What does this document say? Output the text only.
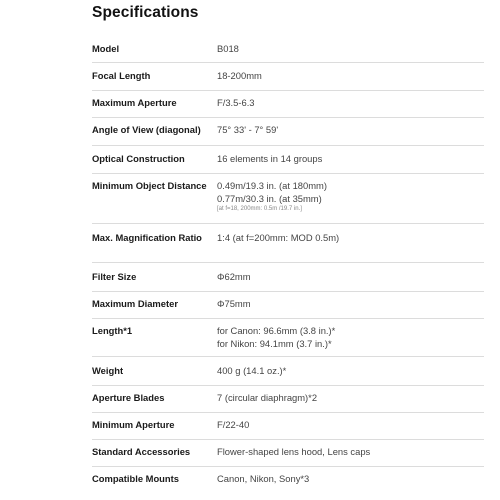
Specifications
Model	B018
Focal Length	18-200mm
Maximum Aperture	F/3.5-6.3
Angle of View (diagonal)	75° 33' - 7° 59'
Optical Construction	16 elements in 14 groups
Minimum Object Distance	0.49m/19.3 in. (at 180mm)
0.77m/30.3 in. (at 35mm)
[at f=18, 200mm: 0.5m /19.7 in.]
Max. Magnification Ratio	1:4 (at f=200mm: MOD 0.5m)
Filter Size	Φ62mm
Maximum Diameter	Φ75mm
Length*1	for Canon: 96.6mm (3.8 in.)*
for Nikon: 94.1mm (3.7 in.)*
Weight	400 g (14.1 oz.)*
Aperture Blades	7 (circular diaphragm)*2
Minimum Aperture	F/22-40
Standard Accessories	Flower-shaped lens hood, Lens caps
Compatible Mounts	Canon, Nikon, Sony*3
